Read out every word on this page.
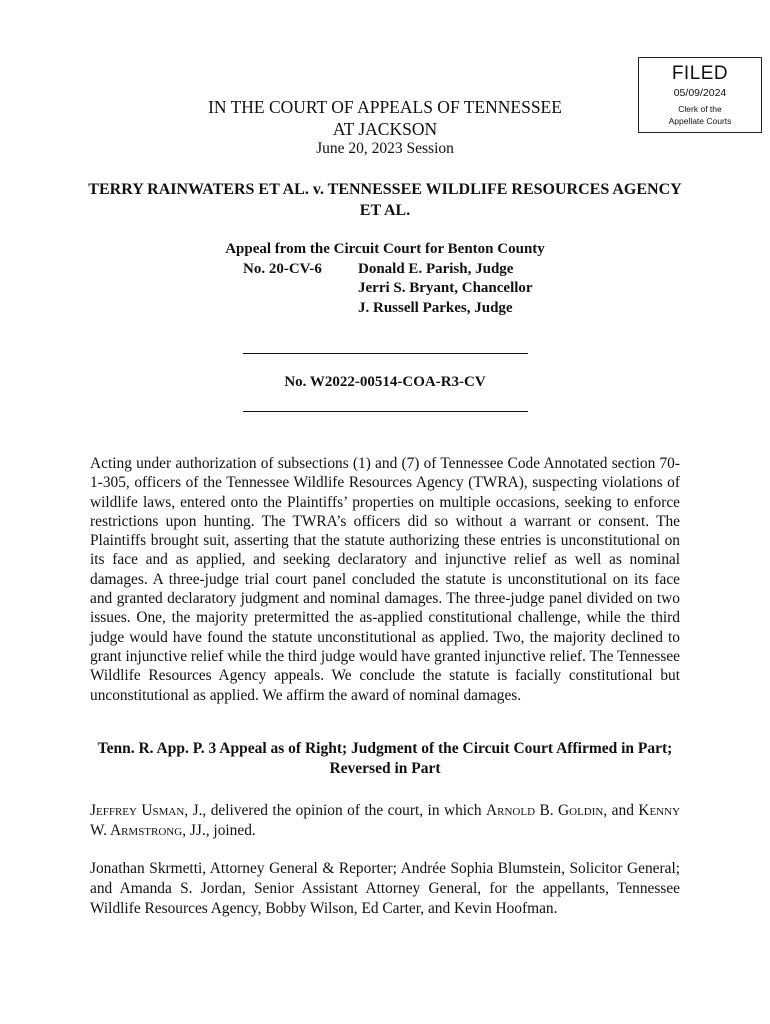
FILED
05/09/2024
Clerk of the
Appellate Courts
IN THE COURT OF APPEALS OF TENNESSEE
AT JACKSON
June 20, 2023 Session
TERRY RAINWATERS ET AL. v. TENNESSEE WILDLIFE RESOURCES AGENCY ET AL.
Appeal from the Circuit Court for Benton County
No. 20-CV-6 Donald E. Parish, Judge
Jerri S. Bryant, Chancellor
J. Russell Parkes, Judge
No. W2022-00514-COA-R3-CV
Acting under authorization of subsections (1) and (7) of Tennessee Code Annotated section 70-1-305, officers of the Tennessee Wildlife Resources Agency (TWRA), suspecting violations of wildlife laws, entered onto the Plaintiffs’ properties on multiple occasions, seeking to enforce restrictions upon hunting. The TWRA’s officers did so without a warrant or consent. The Plaintiffs brought suit, asserting that the statute authorizing these entries is unconstitutional on its face and as applied, and seeking declaratory and injunctive relief as well as nominal damages. A three-judge trial court panel concluded the statute is unconstitutional on its face and granted declaratory judgment and nominal damages. The three-judge panel divided on two issues. One, the majority pretermitted the as-applied constitutional challenge, while the third judge would have found the statute unconstitutional as applied. Two, the majority declined to grant injunctive relief while the third judge would have granted injunctive relief. The Tennessee Wildlife Resources Agency appeals. We conclude the statute is facially constitutional but unconstitutional as applied. We affirm the award of nominal damages.
Tenn. R. App. P. 3 Appeal as of Right; Judgment of the Circuit Court Affirmed in Part; Reversed in Part
Jeffrey Usman, J., delivered the opinion of the court, in which Arnold B. Goldin, and Kenny W. Armstrong, JJ., joined.
Jonathan Skrmetti, Attorney General & Reporter; Andrée Sophia Blumstein, Solicitor General; and Amanda S. Jordan, Senior Assistant Attorney General, for the appellants, Tennessee Wildlife Resources Agency, Bobby Wilson, Ed Carter, and Kevin Hoofman.
